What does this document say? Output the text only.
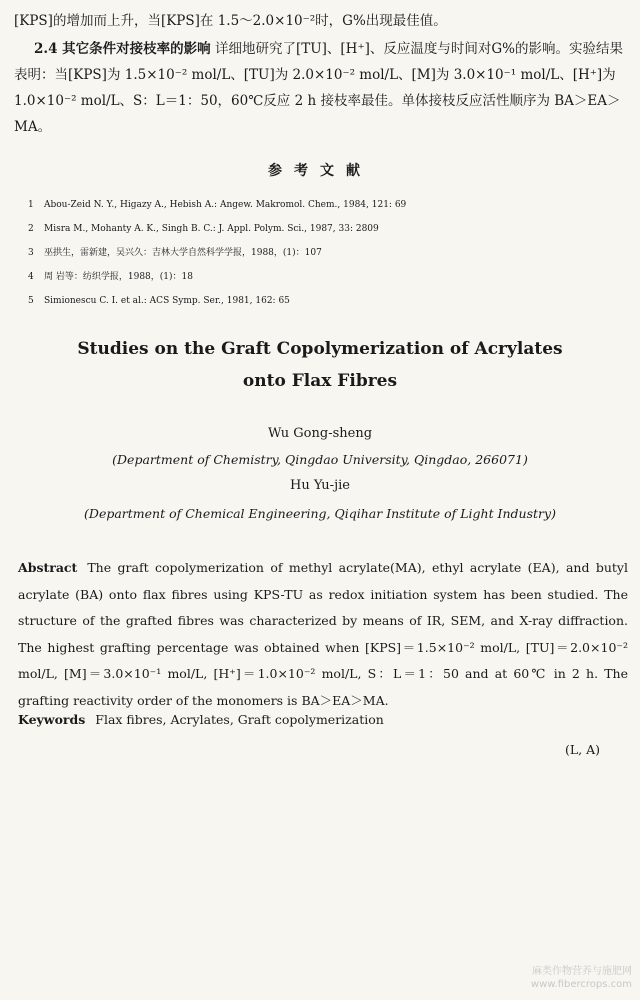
[KPS]的增加而上升，当[KPS]在 1.5～2.0×10⁻²时，G%出现最佳值。
2.4 其它条件对接枝率的影响 详细地研究了[TU]、[H⁺]、反应温度与时间对G%的影响。实验结果表明：当[KPS]为 1.5×10⁻² mol/L、[TU]为 2.0×10⁻² mol/L、[M]为 3.0×10⁻¹ mol/L、[H⁺]为 1.0×10⁻² mol/L、S：L＝1：50，60℃反应 2 h 接枝率最佳。单体接枝反应活性顺序为 BA＞EA＞MA。
参考文献
1 Abou-Zeid N. Y., Higazy A., Hebish A.: Angew. Makromol. Chem., 1984, 121: 69
2 Misra M., Mohanty A. K., Singh B. C.: J. Appl. Polym. Sci., 1987, 33: 2809
3 巫拱生，雷新建，吴兴久：吉林大学自然科学学报，1988，(1)：107
4 周 岩等：纺织学报，1988，(1)：18
5 Simionescu C. I. et al.: ACS Symp. Ser., 1981, 162: 65
Studies on the Graft Copolymerization of Acrylates
onto Flax Fibres
Wu Gong-sheng
(Department of Chemistry, Qingdao University, Qingdao, 266071)
Hu Yu-jie
(Department of Chemical Engineering, Qiqihar Institute of Light Industry)

Abstract The graft copolymerization of methyl acrylate(MA), ethyl acrylate (EA), and butyl acrylate (BA) onto flax fibres using KPS-TU as redox initiation system has been studied. The structure of the grafted fibres was characterized by means of IR, SEM, and X-ray diffraction. The highest grafting percentage was obtained when [KPS]＝1.5×10⁻² mol/L, [TU]＝2.0×10⁻² mol/L, [M]＝3.0×10⁻¹ mol/L, [H⁺]＝1.0×10⁻² mol/L, S：L＝1：50 and at 60℃ in 2 h. The grafting reactivity order of the monomers is BA＞EA＞MA.

Keywords Flax fibres, Acrylates, Graft copolymerization

(L, A)
麻类作物营养与施肥网
www.fibercrops.com
